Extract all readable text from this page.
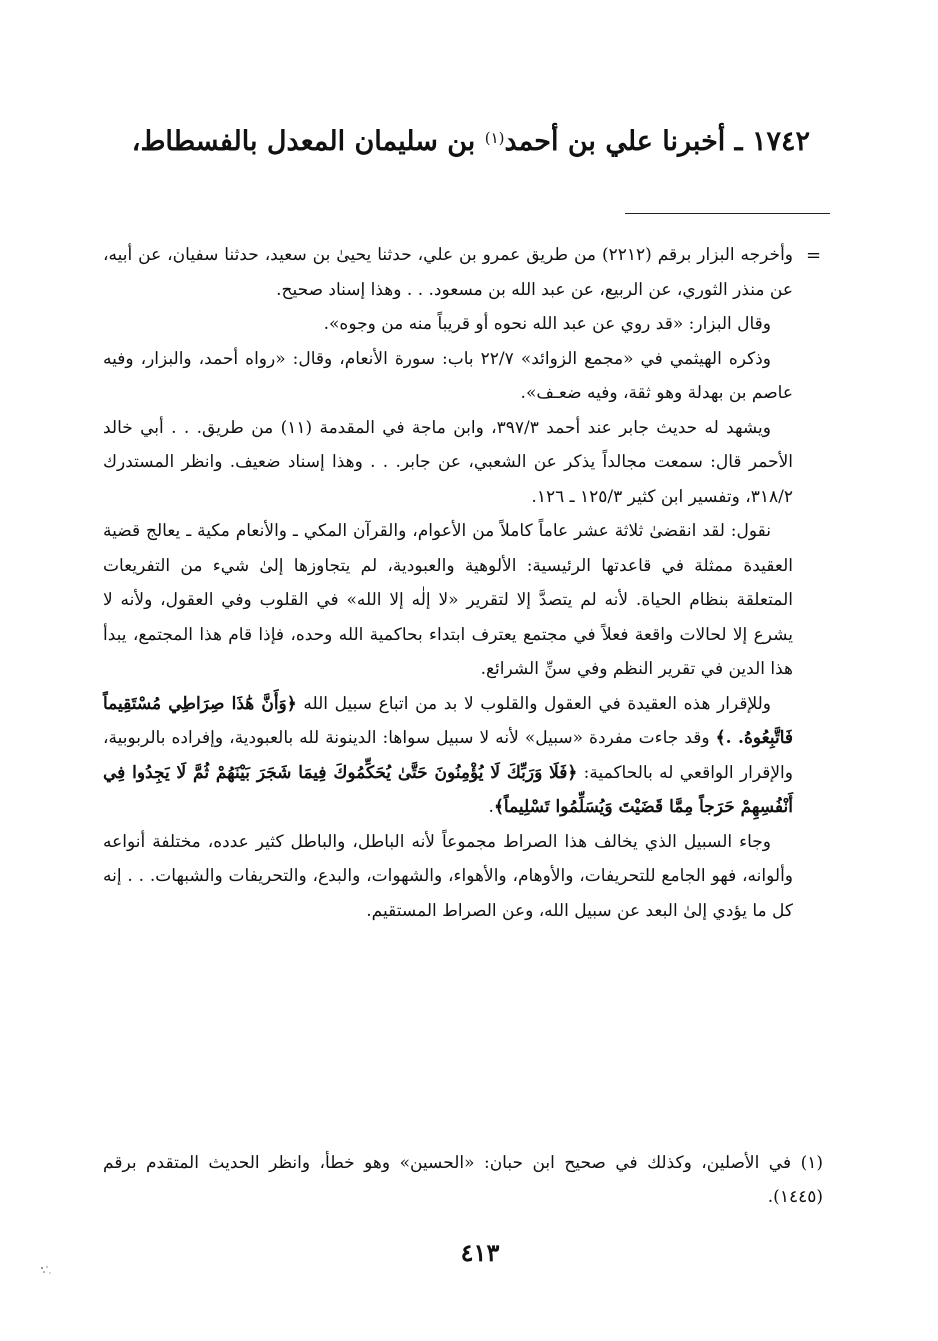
١٧٤٢ ـ أخبرنا علي بن أحمد$^{(١)}$ بن سليمان المعدل بالفسطاط،
=

وأخرجه البزار برقم (٢٢١٢) من طريق عمرو بن علي، حدثنا يحيىٰ بن سعيد، حدثنا سفيان، عن أبيه، عن منذر الثوري، عن الربيع، عن عبد الله بن مسعود. . . وهذا إسناد صحيح.

وقال البزار: «قد روي عن عبد الله نحوه أو قريباً منه من وجوه».

وذكره الهيثمي في «مجمع الزوائد» ٢٢/٧ باب: سورة الأنعام، وقال: «رواه أحمد، والبزار، وفيه عاصم بن بهدلة وهو ثقة، وفيه ضعـف».

ويشهد له حديث جابر عند أحمد ٣٩٧/٣، وابن ماجة في المقدمة (١١) من طريق. . . أبي خالد الأحمر قال: سمعت مجالداً يذكر عن الشعبي، عن جابر. . . وهذا إسناد ضعيف. وانظر المستدرك ٣١٨/٢، وتفسير ابن كثير ١٢٥/٣ ـ ١٢٦.

نقول: لقد انقضىٰ ثلاثة عشر عاماً كاملاً من الأعوام، والقرآن المكي ـ والأنعام مكية ـ يعالج قضية العقيدة ممثلة في قاعدتها الرئيسية: الألوهية والعبودية، لم يتجاوزها إلىٰ شيء من التفريعات المتعلقة بنظام الحياة. لأنه لم يتصدَّ إلا لتقرير «لا إلٰه إلا الله» في القلوب وفي العقول، ولأنه لا يشرع إلا لحالات واقعة فعلاً في مجتمع يعترف ابتداء بحاكمية الله وحده، فإذا قام هذا المجتمع، يبدأ هذا الدين في تقرير النظم وفي سنِّ الشرائع.

وللإقرار هذه العقيدة في العقول والقلوب لا بد من اتباع سبيل الله ﴿وَأَنَّ هَٰذَا صِرَاطِي مُسْتَقِيماً فَاتَّبِعُوهُ. .﴾ وقد جاءت مفردة «سبيل» لأنه لا سبيل سواها: الدينونة لله بالعبودية، وإفراده بالربوبية، والإقرار الواقعي له بالحاكمية: ﴿فَلَا وَرَبِّكَ لَا يُؤْمِنُونَ حَتَّىٰ يُحَكِّمُوكَ فِيمَا شَجَرَ بَيْنَهُمْ ثُمَّ لَا يَجِدُوا فِي أَنْفُسِهِمْ حَرَجاً مِمَّا قَضَيْتَ وَيُسَلِّمُوا تَسْلِيماً﴾.

وجاء السبيل الذي يخالف هذا الصراط مجموعاً لأنه الباطل، والباطل كثير عدده، مختلفة أنواعه وألوانه، فهو الجامع للتحريفات، والأوهام، والأهواء، والشهوات، والبدع، والتحريفات والشبهات. . . إنه كل ما يؤدي إلىٰ البعد عن سبيل الله، وعن الصراط المستقيم.

(١) في الأصلين، وكذلك في صحيح ابن حبان: «الحسين» وهو خطأ، وانظر الحديث المتقدم برقم (١٤٤٥).
٤١٣
